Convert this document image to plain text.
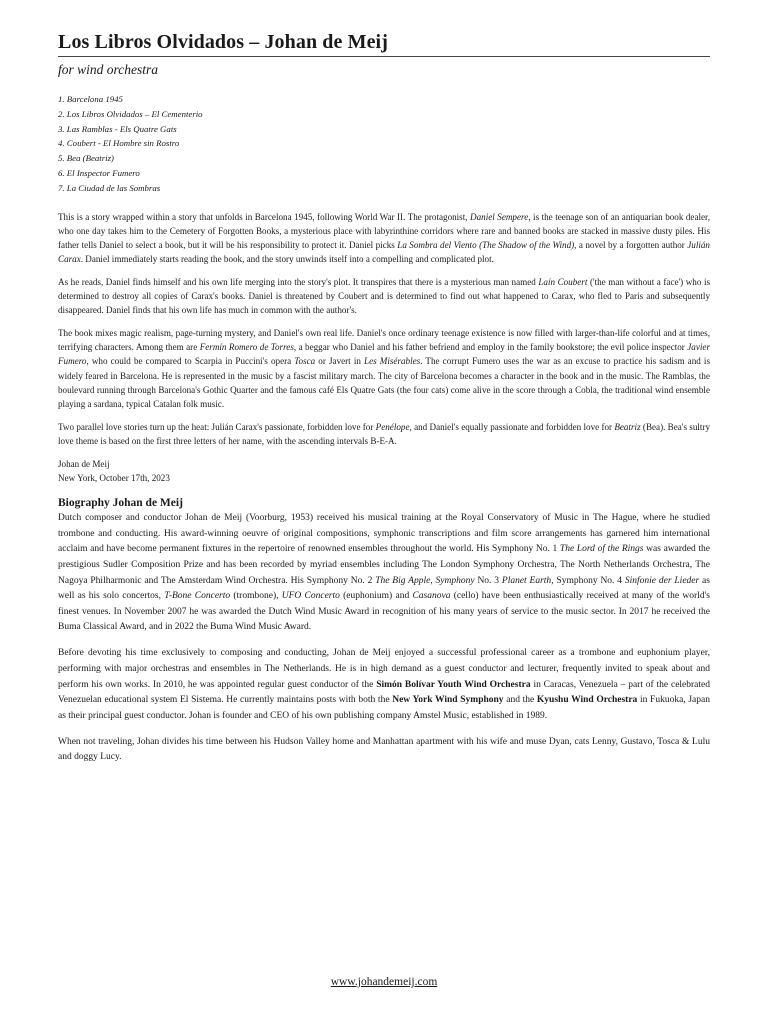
Los Libros Olvidados – Johan de Meij
for wind orchestra
1. Barcelona 1945
2. Los Libros Olvidados – El Cementerio
3. Las Ramblas - Els Quatre Gats
4. Coubert - El Hombre sin Rostro
5. Bea (Beatriz)
6. El Inspector Fumero
7. La Ciudad de las Sombras

This is a story wrapped within a story that unfolds in Barcelona 1945, following World War II. The protagonist, Daniel Sempere, is the teenage son of an antiquarian book dealer, who one day takes him to the Cemetery of Forgotten Books, a mysterious place with labyrinthine corridors where rare and banned books are stacked in massive dusty piles. His father tells Daniel to select a book, but it will be his responsibility to protect it. Daniel picks La Sombra del Viento (The Shadow of the Wind), a novel by a forgotten author Julián Carax. Daniel immediately starts reading the book, and the story unwinds itself into a compelling and complicated plot.

As he reads, Daniel finds himself and his own life merging into the story's plot. It transpires that there is a mysterious man named Laín Coubert ('the man without a face') who is determined to destroy all copies of Carax's books. Daniel is threatened by Coubert and is determined to find out what happened to Carax, who fled to Paris and subsequently disappeared. Daniel finds that his own life has much in common with the author's.

The book mixes magic realism, page-turning mystery, and Daniel's own real life. Daniel's once ordinary teenage existence is now filled with larger-than-life colorful and at times, terrifying characters. Among them are Fermín Romero de Torres, a beggar who Daniel and his father befriend and employ in the family bookstore; the evil police inspector Javier Fumero, who could be compared to Scarpia in Puccini's opera Tosca or Javert in Les Misérables. The corrupt Fumero uses the war as an excuse to practice his sadism and is widely feared in Barcelona. He is represented in the music by a fascist military march. The city of Barcelona becomes a character in the book and in the music. The Ramblas, the boulevard running through Barcelona's Gothic Quarter and the famous café Els Quatre Gats (the four cats) come alive in the score through a Cobla, the traditional wind ensemble playing a sardana, typical Catalan folk music.

Two parallel love stories turn up the heat: Julián Carax's passionate, forbidden love for Penélope, and Daniel's equally passionate and forbidden love for Beatriz (Bea). Bea's sultry love theme is based on the first three letters of her name, with the ascending intervals B-E-A.

Johan de Meij
New York, October 17th, 2023
Biography Johan de Meij

Dutch composer and conductor Johan de Meij (Voorburg, 1953) received his musical training at the Royal Conservatory of Music in The Hague, where he studied trombone and conducting. His award-winning oeuvre of original compositions, symphonic transcriptions and film score arrangements has garnered him international acclaim and have become permanent fixtures in the repertoire of renowned ensembles throughout the world. His Symphony No. 1 The Lord of the Rings was awarded the prestigious Sudler Composition Prize and has been recorded by myriad ensembles including The London Symphony Orchestra, The North Netherlands Orchestra, The Nagoya Philharmonic and The Amsterdam Wind Orchestra. His Symphony No. 2 The Big Apple, Symphony No. 3 Planet Earth, Symphony No. 4 Sinfonie der Lieder as well as his solo concertos, T-Bone Concerto (trombone), UFO Concerto (euphonium) and Casanova (cello) have been enthusiastically received at many of the world's finest venues. In November 2007 he was awarded the Dutch Wind Music Award in recognition of his many years of service to the music sector. In 2017 he received the Buma Classical Award, and in 2022 the Buma Wind Music Award.

Before devoting his time exclusively to composing and conducting, Johan de Meij enjoyed a successful professional career as a trombone and euphonium player, performing with major orchestras and ensembles in The Netherlands. He is in high demand as a guest conductor and lecturer, frequently invited to speak about and perform his own works. In 2010, he was appointed regular guest conductor of the Simón Bolívar Youth Wind Orchestra in Caracas, Venezuela – part of the celebrated Venezuelan educational system El Sistema. He currently maintains posts with both the New York Wind Symphony and the Kyushu Wind Orchestra in Fukuoka, Japan as their principal guest conductor. Johan is founder and CEO of his own publishing company Amstel Music, established in 1989.

When not traveling, Johan divides his time between his Hudson Valley home and Manhattan apartment with his wife and muse Dyan, cats Lenny, Gustavo, Tosca & Lulu and doggy Lucy.

www.johandemeij.com
